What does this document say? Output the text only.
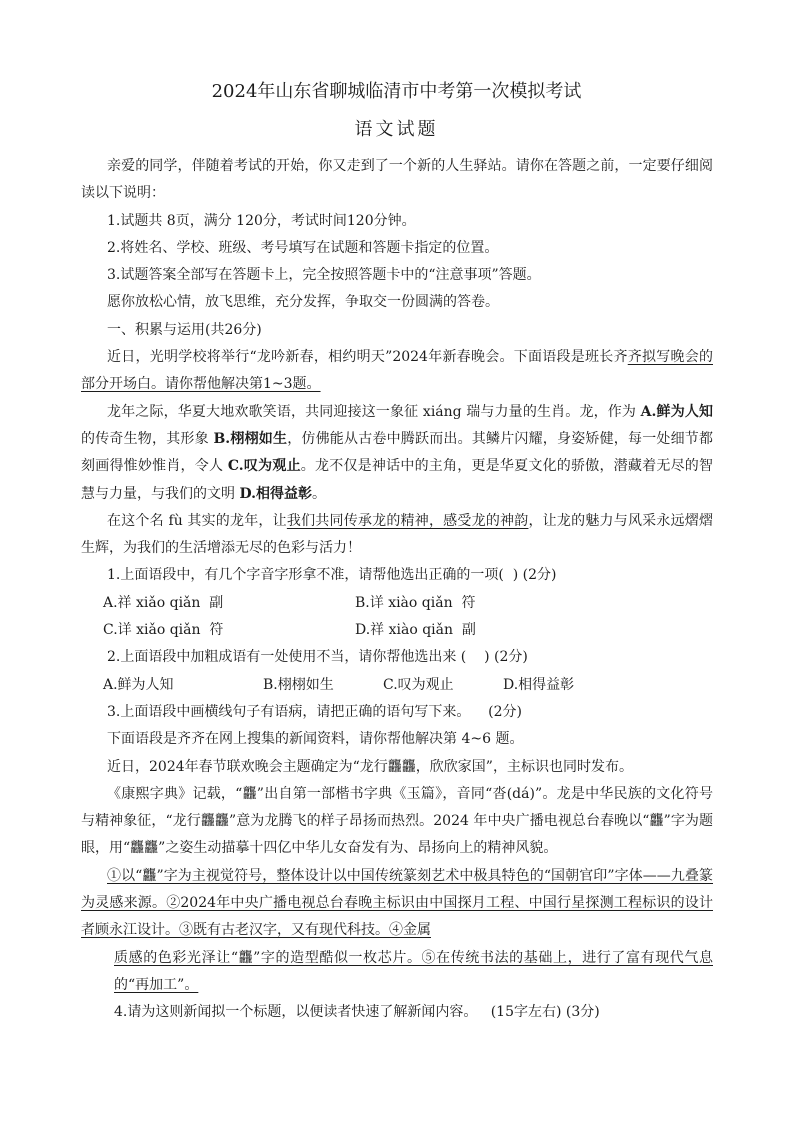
2024年山东省聊城临清市中考第一次模拟考试
语文试题

亲爱的同学，伴随着考试的开始，你又走到了一个新的人生驿站。请你在答题之前，一定要仔细阅读以下说明：

1.试题共 8页，满分 120分，考试时间120分钟。

2.将姓名、学校、班级、考号填写在试题和答题卡指定的位置。

3.试题答案全部写在答题卡上，完全按照答题卡中的“注意事项”答题。

愿你放松心情，放飞思维，充分发挥，争取交一份圆满的答卷。

一、积累与运用(共26分)

近日，光明学校将举行“龙吟新春，相约明天”2024年新春晚会。下面语段是班长齐齐拟写晚会的部分开场白。请你帮他解决第1~3题。

龙年之际，华夏大地欢歌笑语，共同迎接这一象征 xiáng 瑞与力量的生肖。龙，作为 A.鲜为人知的传奇生物，其形象 B.栩栩如生，仿佛能从古卷中腾跃而出。其鳞片闪耀，身姿矫健，每一处细节都刻画得惟妙惟肖，令人 C.叹为观止。龙不仅是神话中的主角，更是华夏文化的骄傲，潜藏着无尽的智慧与力量，与我们的文明 D.相得益彰。

在这个名 fù 其实的龙年，让我们共同传承龙的精神，感受龙的神韵，让龙的魅力与风采永远熠熠生辉，为我们的生活增添无尽的色彩与活力！

1.上面语段中，有几个字音字形拿不准，请帮他选出正确的一项(  ) (2分)

A.祥 xiǎo qiǎn  副	B.详 xiào qiǎn  符
C.详 xiǎo qiǎn  符	D.祥 xiào qiǎn  副

2.上面语段中加粗成语有一处使用不当，请你帮他选出来 (    ) (2分)

A.鲜为人知	B.栩栩如生	C.叹为观止	D.相得益彰

3.上面语段中画横线句子有语病，请把正确的语句写下来。    (2分)

下面语段是齐齐在网上搜集的新闻资料，请你帮他解决第 4~6 题。

近日，2024年春节联欢晚会主题确定为“龙行龘龘，欣欣家国”，主标识也同时发布。

《康熙字典》记载，“龘”出自第一部楷书字典《玉篇》，音同“沓(dá)”。龙是中华民族的文化符号与精神象征，“龙行龘龘”意为龙腾飞的样子昂扬而热烈。2024 年中央广播电视总台春晚以“龘”字为题眼，用“龘龘”之姿生动描摹十四亿中华儿女奋发有为、昂扬向上的精神风貌。

①以“龘”字为主视觉符号，整体设计以中国传统篆刻艺术中极具特色的“国朝官印”字体——九叠篆为灵感来源。②2024年中央广播电视总台春晚主标识由中国探月工程、中国行星探测工程标识的设计者顾永江设计。③既有古老汉字，又有现代科技。④金属

质感的色彩光泽让“龘”字的造型酷似一枚芯片。⑤在传统书法的基础上，进行了富有现代气息的“再加工”。

4.请为这则新闻拟一个标题，以便读者快速了解新闻内容。   (15字左右) (3分)
